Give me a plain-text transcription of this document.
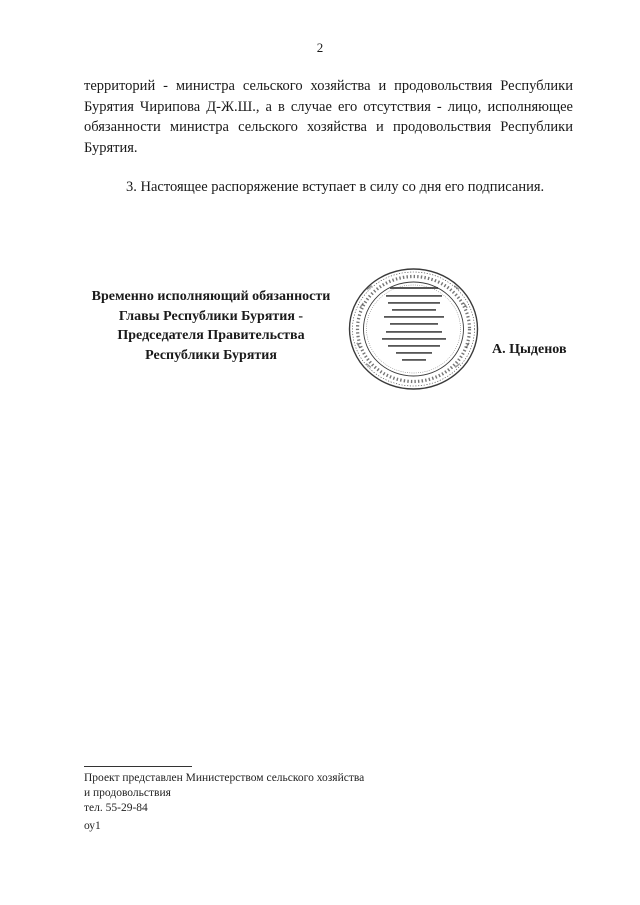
2
территорий - министра сельского хозяйства и продовольствия Республики
Бурятия Чирипова Д-Ж.Ш., а в случае его отсутствия - лицо, исполняющее
обязанности министра сельского хозяйства и продовольствия Республики
Бурятия.
3. Настоящее распоряжение вступает в силу со дня его подписания.
Временно исполняющий обязанности
Главы Республики Бурятия -
Председателя Правительства
Республики Бурятия	А. Цыденов
Проект представлен Министерством сельского хозяйства
и продовольствия
тел. 55-29-84
оу1
